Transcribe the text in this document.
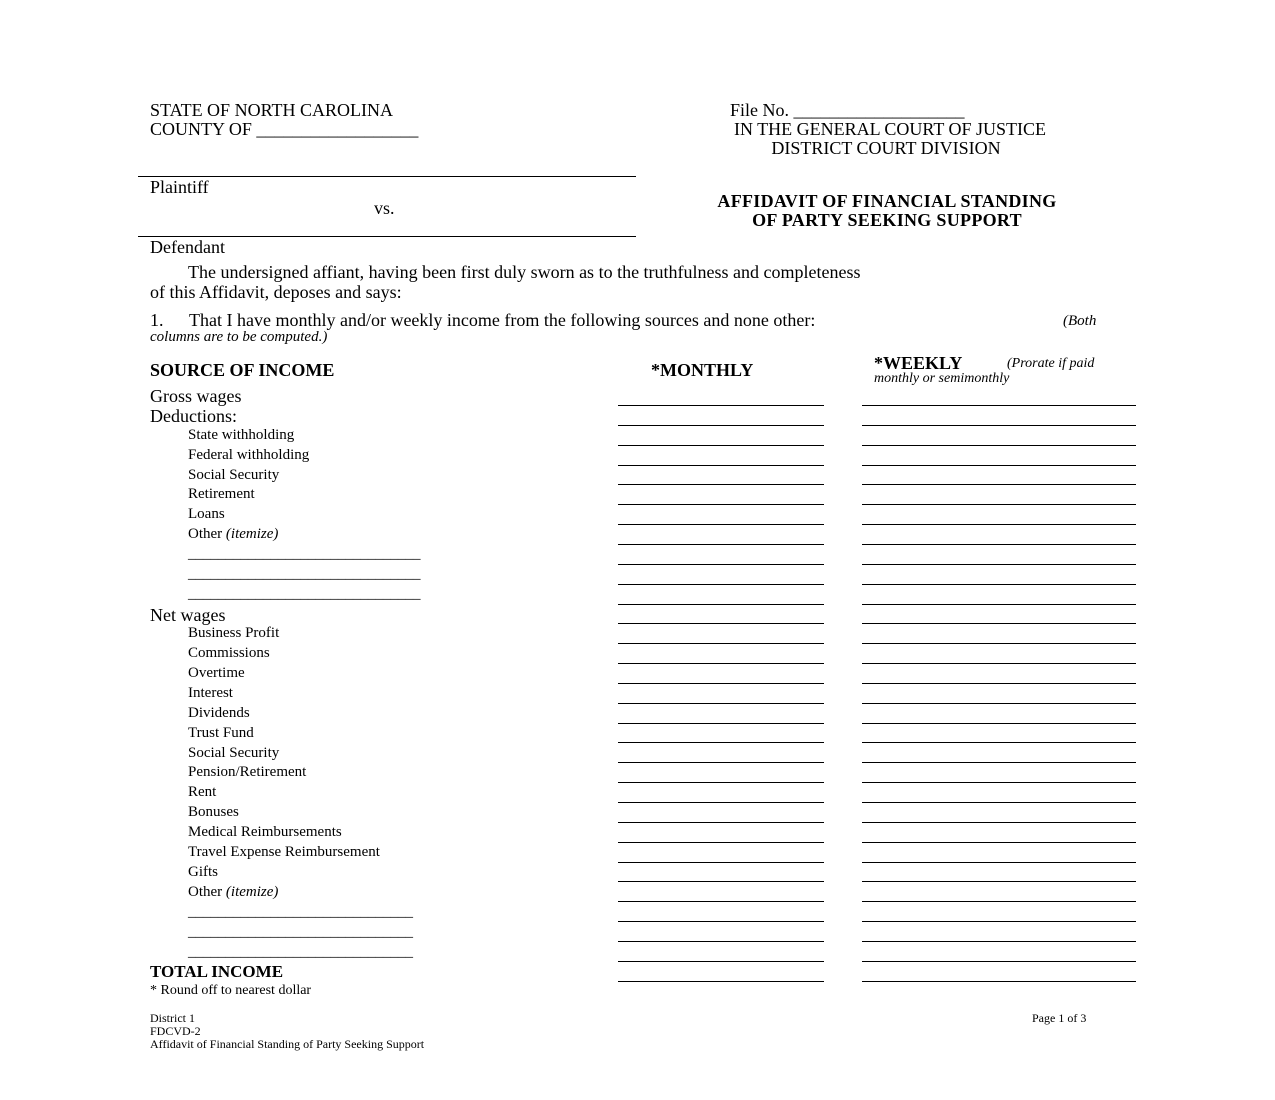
STATE OF NORTH CAROLINA
COUNTY OF __________________
File No. ___________________
IN THE GENERAL COURT OF JUSTICE
DISTRICT COURT DIVISION
Plaintiff
vs.
Defendant
AFFIDAVIT OF FINANCIAL STANDING
OF PARTY SEEKING SUPPORT
The undersigned affiant, having been first duly sworn as to the truthfulness and completeness
of this Affidavit, deposes and says:
1. That I have monthly and/or weekly income from the following sources and none other:	(Both
columns are to be computed.)
SOURCE OF INCOME	*MONTHLY	*WEEKLY	(Prorate if paid
monthly or semimonthly
Gross wages
Deductions:
State withholding
Federal withholding
Social Security
Retirement
Loans
Other (itemize)
_______________________________
_______________________________
_______________________________
Net wages
Business Profit
Commissions
Overtime
Interest
Dividends
Trust Fund
Social Security
Pension/Retirement
Rent
Bonuses
Medical Reimbursements
Travel Expense Reimbursement
Gifts
Other (itemize)
______________________________
______________________________
______________________________
TOTAL INCOME
* Round off to nearest dollar
District 1
FDCVD-2
Affidavit of Financial Standing of Party Seeking Support
Page 1 of 3
